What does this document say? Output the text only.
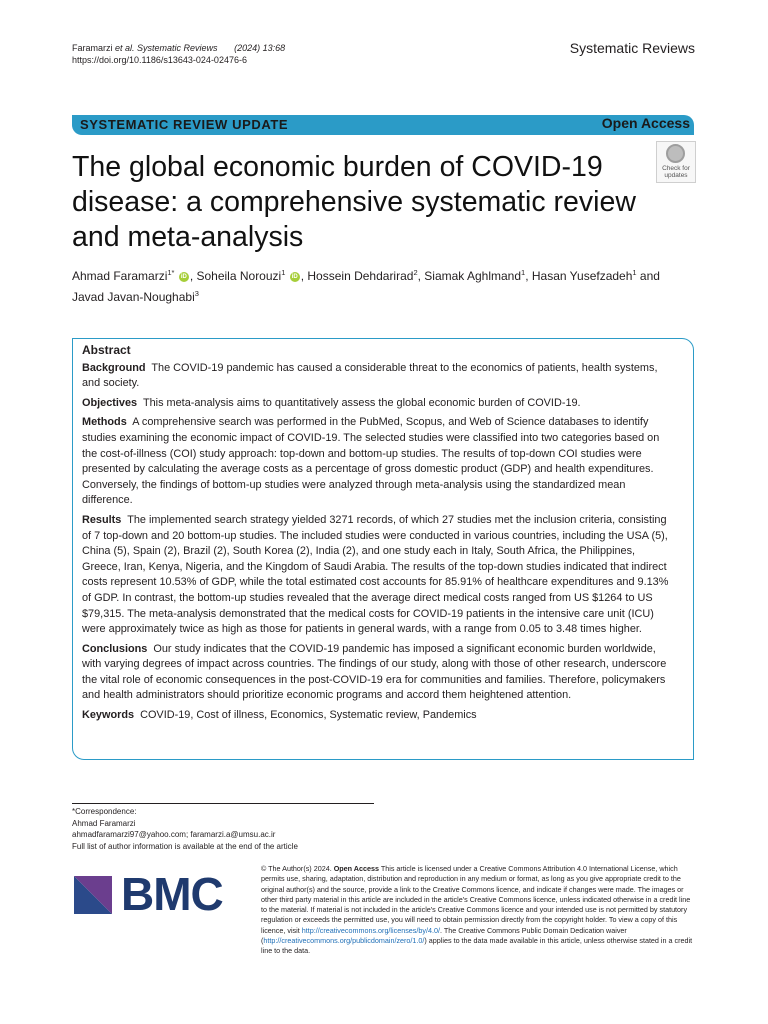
Faramarzi et al. Systematic Reviews (2024) 13:68
https://doi.org/10.1186/s13643-024-02476-6
Systematic Reviews
SYSTEMATIC REVIEW UPDATE	Open Access
The global economic burden of COVID-19 disease: a comprehensive systematic review and meta-analysis
Check for
updates
Ahmad Faramarzi$^{1*}$ iD , Soheila Norouzi$^1$ iD , Hossein Dehdarirad$^2$, Siamak Aghlmand$^1$, Hasan Yusefzadeh$^1$ and Javad Javan-Noughabi$^3$
Abstract
Background The COVID-19 pandemic has caused a considerable threat to the economics of patients, health systems, and society.
Objectives This meta-analysis aims to quantitatively assess the global economic burden of COVID-19.
Methods A comprehensive search was performed in the PubMed, Scopus, and Web of Science databases to identify studies examining the economic impact of COVID-19. The selected studies were classified into two categories based on the cost-of-illness (COI) study approach: top-down and bottom-up studies. The results of top-down COI studies were presented by calculating the average costs as a percentage of gross domestic product (GDP) and health expenditures. Conversely, the findings of bottom-up studies were analyzed through meta-analysis using the standardized mean difference.
Results The implemented search strategy yielded 3271 records, of which 27 studies met the inclusion criteria, consisting of 7 top-down and 20 bottom-up studies. The included studies were conducted in various countries, including the USA (5), China (5), Spain (2), Brazil (2), South Korea (2), India (2), and one study each in Italy, South Africa, the Philippines, Greece, Iran, Kenya, Nigeria, and the Kingdom of Saudi Arabia. The results of the top-down studies indicated that indirect costs represent 10.53% of GDP, while the total estimated cost accounts for 85.91% of healthcare expenditures and 9.13% of GDP. In contrast, the bottom-up studies revealed that the average direct medical costs ranged from US $1264 to US $79,315. The meta-analysis demonstrated that the medical costs for COVID-19 patients in the intensive care unit (ICU) were approximately twice as high as those for patients in general wards, with a range from 0.05 to 3.48 times higher.
Conclusions Our study indicates that the COVID-19 pandemic has imposed a significant economic burden worldwide, with varying degrees of impact across countries. The findings of our study, along with those of other research, underscore the vital role of economic consequences in the post-COVID-19 era for communities and families. Therefore, policymakers and health administrators should prioritize economic programs and accord them heightened attention.
Keywords COVID-19, Cost of illness, Economics, Systematic review, Pandemics
*Correspondence:
Ahmad Faramarzi
ahmadfaramarzi97@yahoo.com; faramarzi.a@umsu.ac.ir
Full list of author information is available at the end of the article
BMC	© The Author(s) 2024. Open Access This article is licensed under a Creative Commons Attribution 4.0 International License, which permits use, sharing, adaptation, distribution and reproduction in any medium or format, as long as you give appropriate credit to the original author(s) and the source, provide a link to the Creative Commons licence, and indicate if changes were made. The images or other third party material in this article are included in the article's Creative Commons licence, unless indicated otherwise in a credit line to the material. If material is not included in the article's Creative Commons licence and your intended use is not permitted by statutory regulation or exceeds the permitted use, you will need to obtain permission directly from the copyright holder. To view a copy of this licence, visit http://creativecommons.org/licenses/by/4.0/. The Creative Commons Public Domain Dedication waiver (http://creativecommons.org/publicdomain/zero/1.0/) applies to the data made available in this article, unless otherwise stated in a credit line to the data.
